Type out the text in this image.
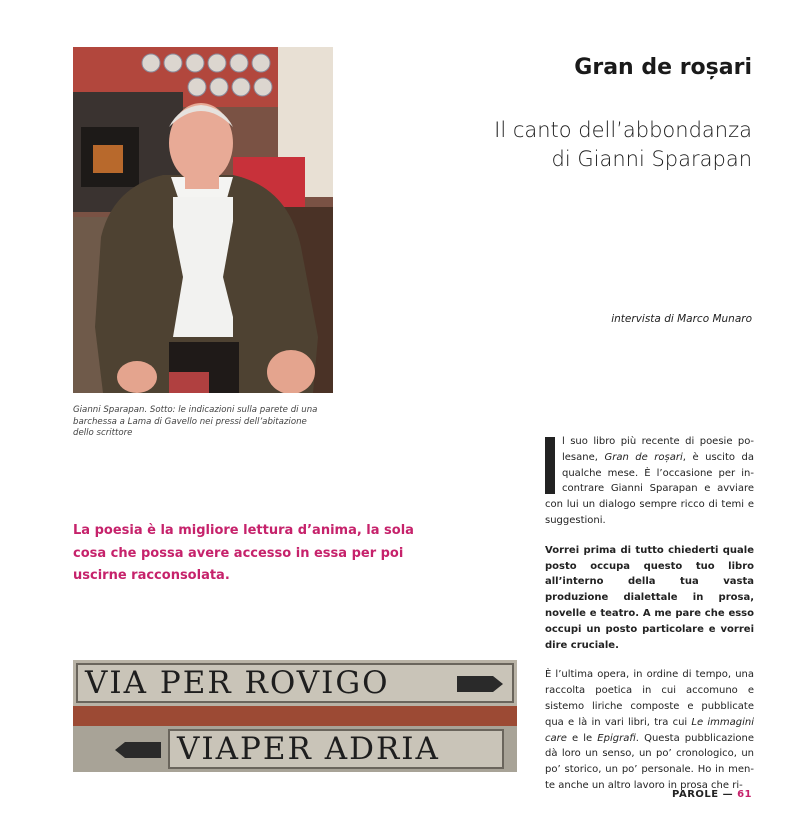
Gianni Sparapan. Sotto: le indicazioni sulla parete di una barchessa a Lama di Gavello nei pressi dell’abitazione dello scrittore
Gran de roșari
Il canto dell’abbondanza
di Gianni Sparapan
intervista di Marco Munaro
La poesia è la migliore lettura d’anima, la sola cosa che possa avere accesso in essa per poi uscirne racconsolata.
VIA PER ROVIGO
VIAPER ADRIA

l suo libro più recente di poesie polesane, Gran de roșari, è uscito da qualche mese. È l’occasione per incontrare Gianni Sparapan e avviare con lui un dialogo sempre ricco di temi e suggestioni.

Vorrei prima di tutto chiederti quale posto occupa questo tuo libro all’interno della tua vasta produzione dialettale in prosa, novelle e teatro. A me pare che esso occupi un posto particolare e vorrei dire cruciale.

È l’ultima opera, in ordine di tempo, una raccolta poetica in cui accomuno e sistemo liriche composte e pubblicate qua e là in vari libri, tra cui Le immagini care e le Epigrafi. Questa pubblicazione dà loro un senso, un po’ cronologico, un po’ storico, un po’ personale. Ho in mente anche un altro lavoro in prosa che ri-

PAROLE — 61
